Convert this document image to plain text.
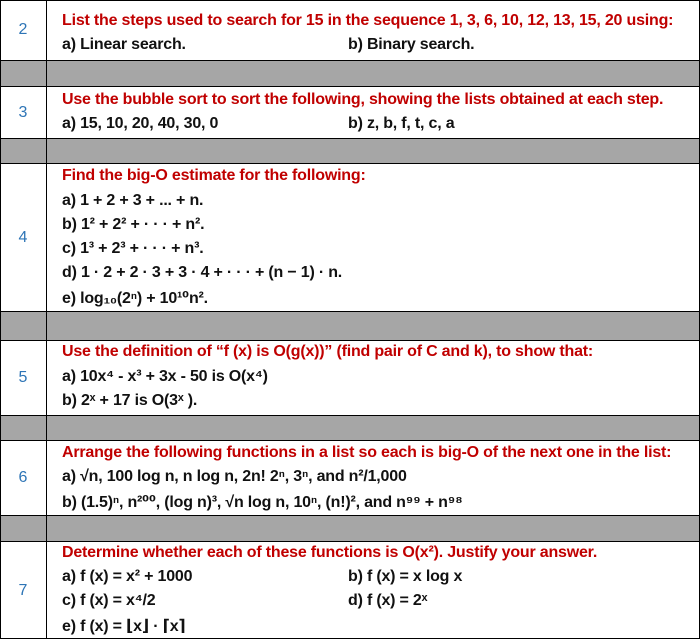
2
List the steps used to search for 15 in the sequence 1, 3, 6, 10, 12, 13, 15, 20 using:
a) Linear search.	b) Binary search.
3
Use the bubble sort to sort the following, showing the lists obtained at each step.
a) 15, 10, 20, 40, 30, 0	b) z, b, f, t, c, a
4
Find the big-O estimate for the following:
a) 1 + 2 + 3 + ... + n.
b) 1² + 2² + · · · + n².
c) 1³ + 2³ + · · · + n³.
d) 1 · 2 + 2 · 3 + 3 · 4 + · · · + (n − 1) · n.
e) log₁₀(2ⁿ) + 10¹⁰n².
5
Use the definition of “f (x) is O(g(x))” (find pair of C and k), to show that:
a) 10x⁴ - x³ + 3x - 50 is O(x⁴)
b) 2ˣ + 17 is O(3ˣ ).
6
Arrange the following functions in a list so each is big-O of the next one in the list:
a) √n, 100 log n, n log n, 2n! 2ⁿ, 3ⁿ, and n²/1,000
b) (1.5)ⁿ, n²⁰⁰, (log n)³, √n log n, 10ⁿ, (n!)², and n⁹⁹ + n⁹⁸
7
Determine whether each of these functions is O(x²). Justify your answer.
a) f (x) = x² + 1000	b) f (x) = x log x
c) f (x) = x⁴/2	d) f (x) = 2ˣ
e) f (x) = ⌊x⌋ · ⌈x⌉
